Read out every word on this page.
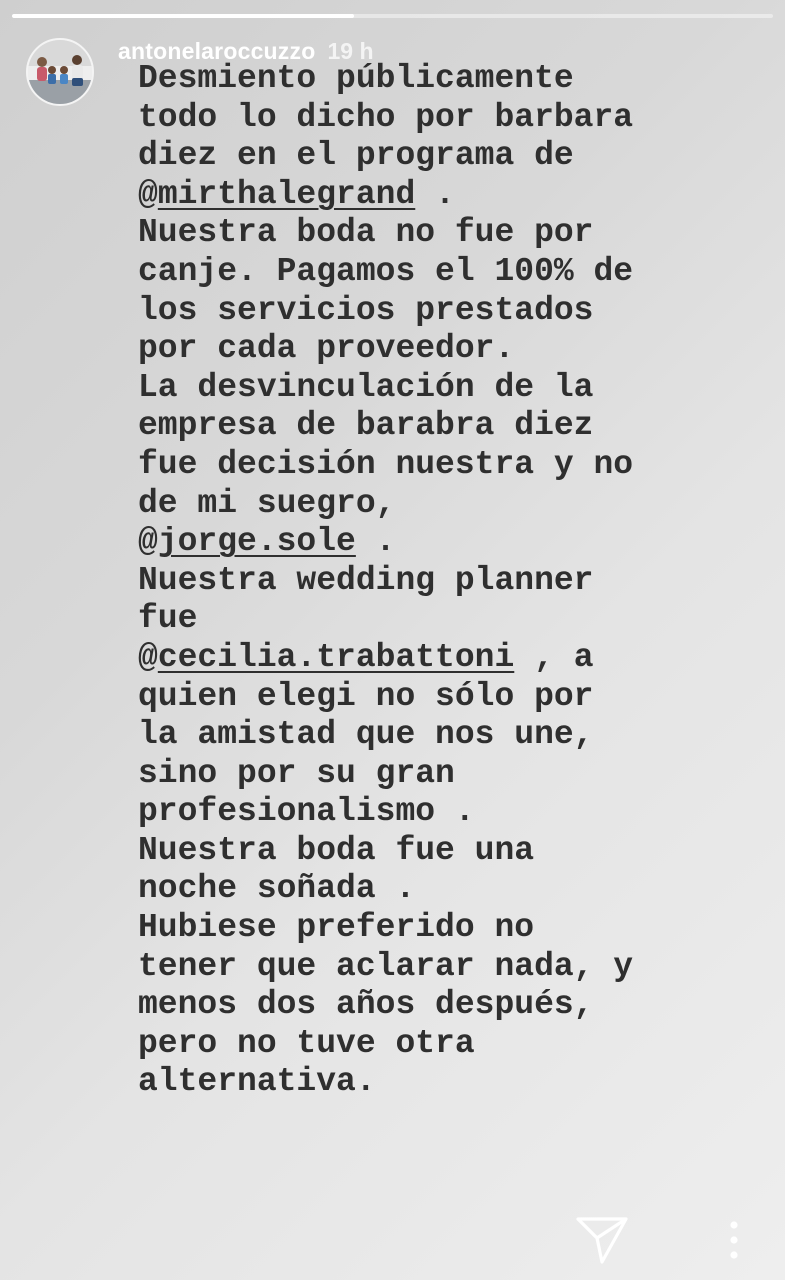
antonelaroccuzzo 19 h
Desmiento públicamente
todo lo dicho por barbara
diez en el programa de
@mirthalegrand .
Nuestra boda no fue por
canje. Pagamos el 100% de
los servicios prestados
por cada proveedor.
La desvinculación de la
empresa de barabra diez
fue decisión nuestra y no
de mi suegro,
@jorge.sole .
Nuestra wedding planner
fue
@cecilia.trabattoni , a
quien elegi no sólo por
la amistad que nos une,
sino por su gran
profesionalismo .
Nuestra boda fue una
noche soñada .
Hubiese preferido no
tener que aclarar nada, y
menos dos años después,
pero no tuve otra
alternativa.
